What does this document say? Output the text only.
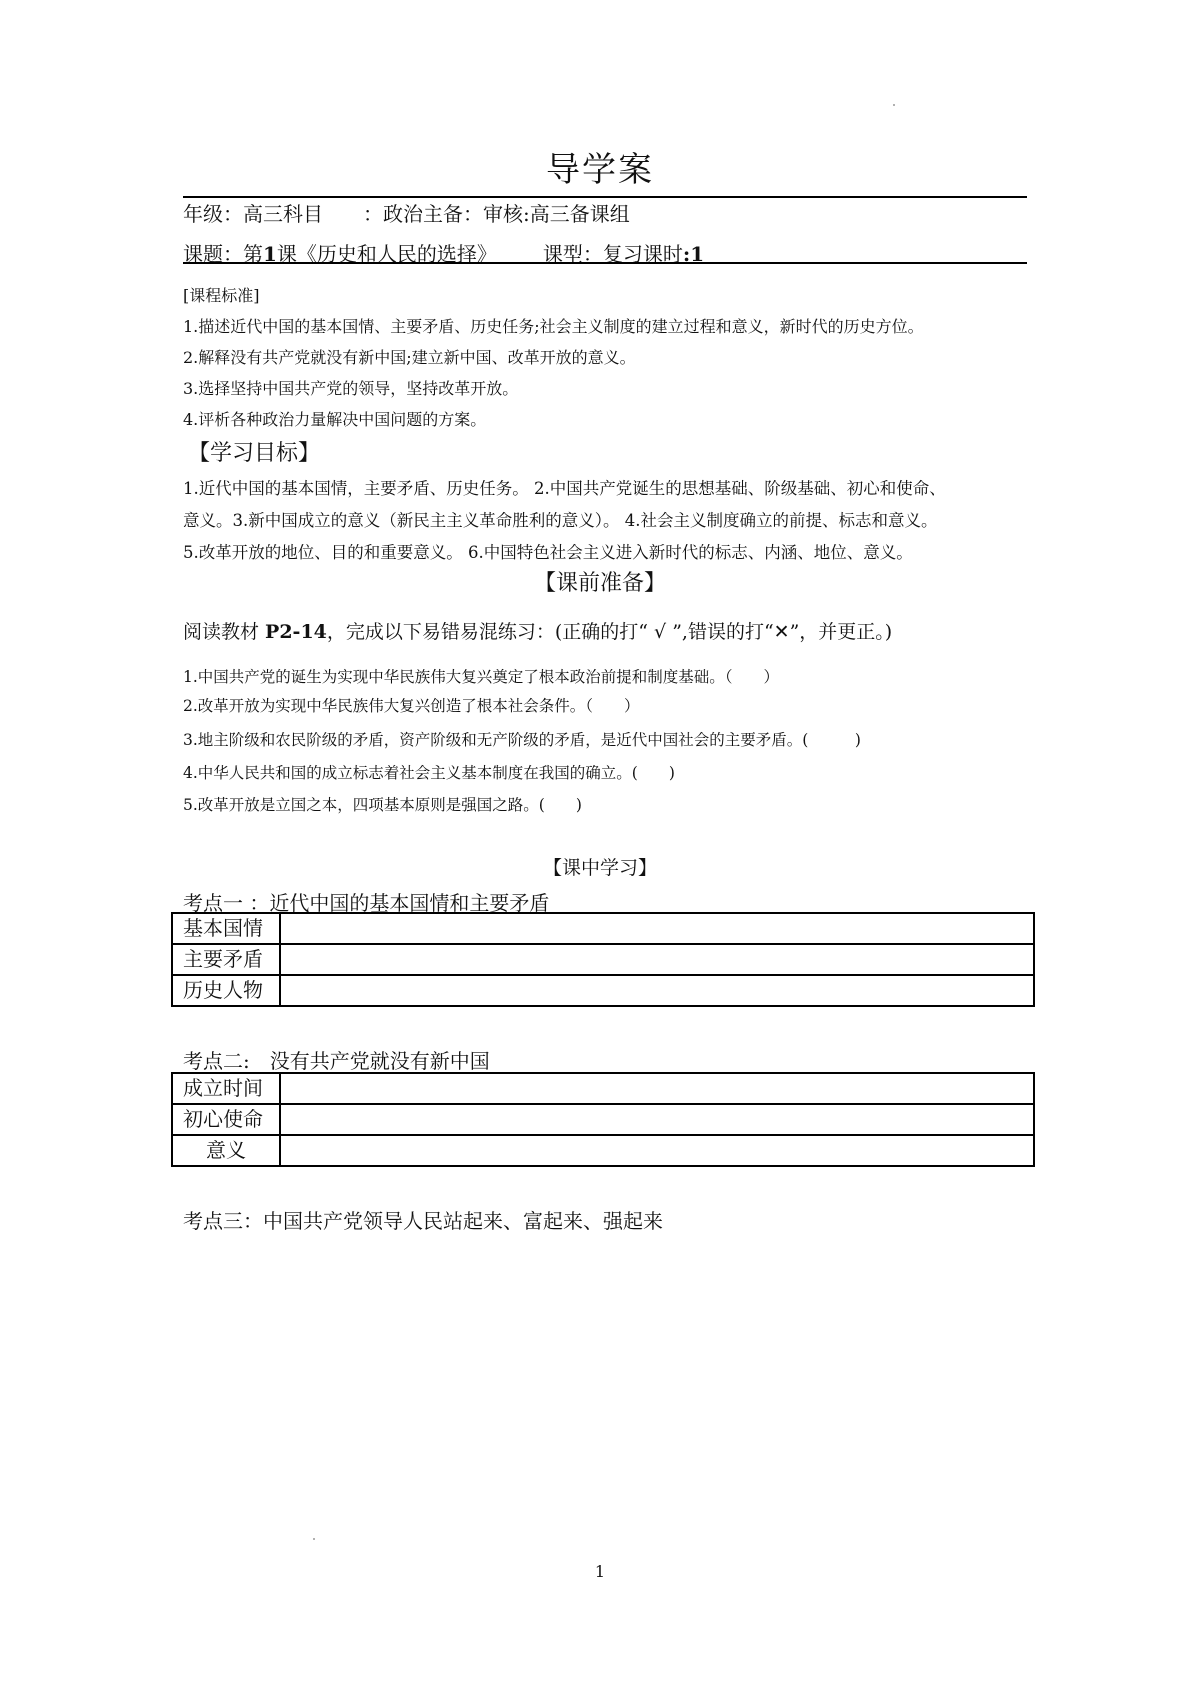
导学案
年级：高三科目　　：政治主备：审核:高三备课组
课题：第1课《历史和人民的选择》 课型：复习课时:1
[课程标准]
1.描述近代中国的基本国情、主要矛盾、历史任务;社会主义制度的建立过程和意义，新时代的历史方位。
2.解释没有共产党就没有新中国;建立新中国、改革开放的意义。
3.选择坚持中国共产党的领导，坚持改革开放。
4.评析各种政治力量解决中国问题的方案。
【学习目标】
1.近代中国的基本国情，主要矛盾、历史任务。 2.中国共产党诞生的思想基础、阶级基础、初心和使命、
意义。3.新中国成立的意义（新民主主义革命胜利的意义）。 4.社会主义制度确立的前提、标志和意义。
5.改革开放的地位、目的和重要意义。 6.中国特色社会主义进入新时代的标志、内涵、地位、意义。
【课前准备】
阅读教材 P2-14，完成以下易错易混练习：(正确的打“ √ ”,错误的打“✕”，并更正。)
1.中国共产党的诞生为实现中华民族伟大复兴奠定了根本政治前提和制度基础。（　　）
2.改革开放为实现中华民族伟大复兴创造了根本社会条件。（　　）
3.地主阶级和农民阶级的矛盾，资产阶级和无产阶级的矛盾，是近代中国社会的主要矛盾。(　　　)
4.中华人民共和国的成立标志着社会主义基本制度在我国的确立。(　　)
5.改革开放是立国之本，四项基本原则是强国之路。(　　)
【课中学习】
考点一 ：近代中国的基本国情和主要矛盾
基本国情	
主要矛盾	
历史人物	
考点二:　没有共产党就没有新中国
成立时间	
初心使命	
意义	
考点三：中国共产党领导人民站起来、富起来、强起来
1
